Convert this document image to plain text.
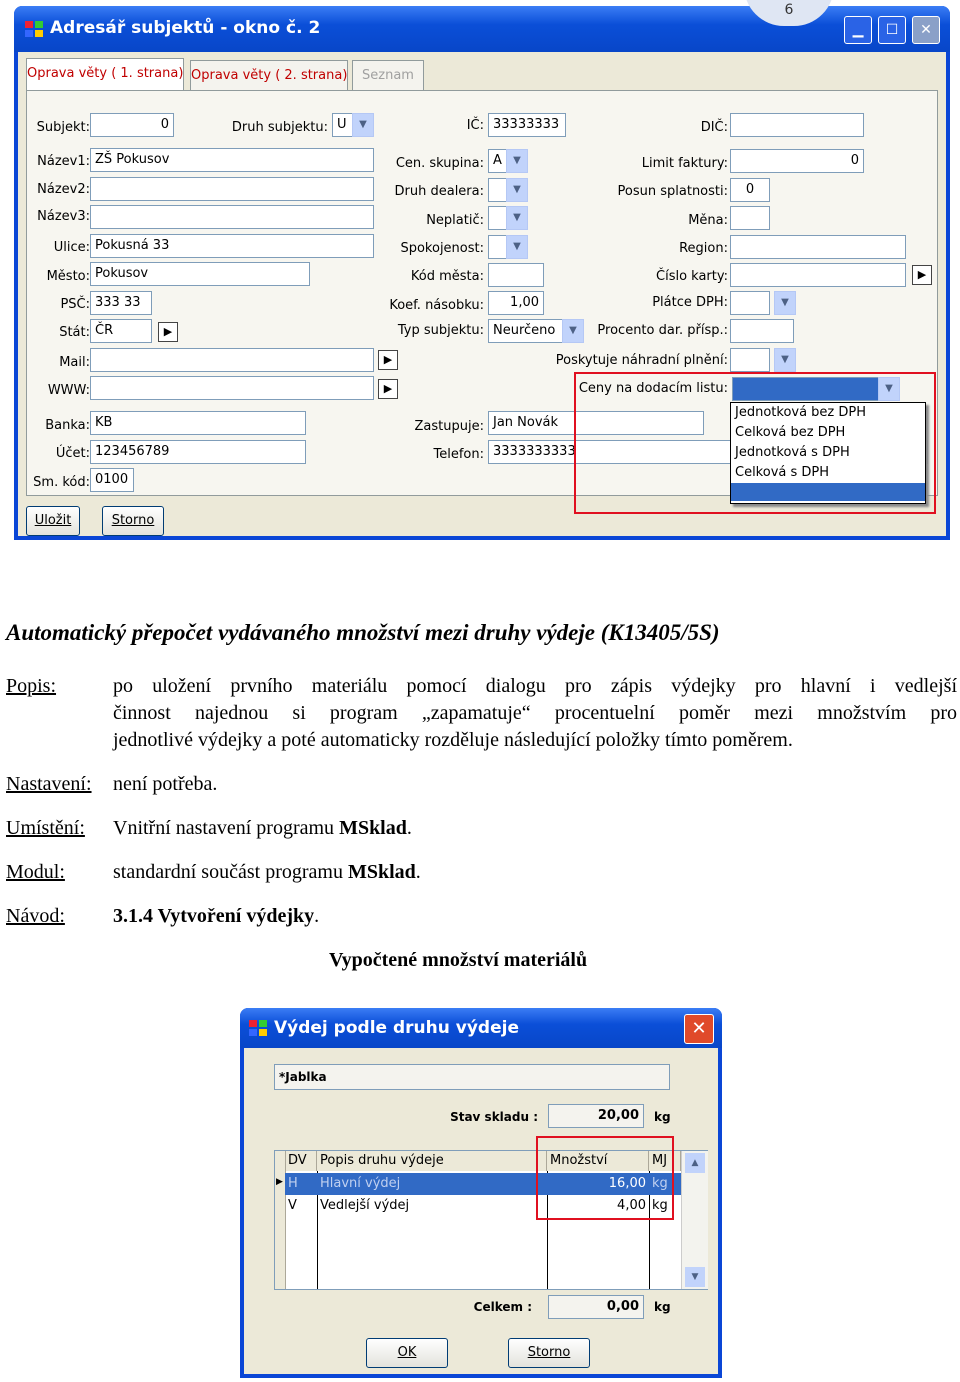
Adresář subjektů - okno č. 2
6
▁	☐	✕
Oprava věty ( 1. strana) Oprava věty ( 2. strana)	Seznam
Subjekt:	0
Název1: ZŠ Pokusov
Název2:
Název3:
Ulice: Pokusná 33
Město: Pokusov
PSČ: 333 33
Stát: ČR	▶
Mail:	▶
WWW:	▶
Banka: KB
Účet: 123456789
Sm. kód: 0100
Druh subjektu: U	▼	IČ: 33333333
Cen. skupina: A	▼
Druh dealera:	▼
Neplatič:	▼
Spokojenost:	▼
Kód města:
Koef. násobku:	1,00
Typ subjektu: Neurčeno	▼
Zastupuje: Jan Novák
Telefon: 3333333333
DIČ:
Limit faktury:	0
Posun splatnosti:	0
Měna:
Region:
Číslo karty:	▶
Plátce DPH:	▼
Procento dar. přísp.:
Poskytuje náhradní plnění:	▼
Ceny na dodacím listu:	▼
Jednotková bez DPH
Celková bez DPH
Jednotková s DPH
Celková s DPH
Uložit	Storno
Automatický přepočet vydávaného množství mezi druhy výdeje (K13405/5S)
Popis:	po uložení prvního materiálu pomocí dialogu pro zápis výdejky pro hlavní i vedlejší
činnost najednou si program „zapamatuje“ procentuelní poměr mezi množstvím pro
jednotlivé výdejky a poté automaticky rozděluje následující položky tímto poměrem.
Nastavení: není potřeba.
Umístění: Vnitřní nastavení programu MSklad.
Modul: standardní součást programu MSklad.
Návod: 3.1.4 Vytvoření výdejky.
Vypočtené množství materiálů
Výdej podle druhu výdeje	✕
*Jablka
Stav skladu :	20,00	kg
DV	Popis druhu výdeje	Množství	MJ
▶ H	Hlavní výdej	16,00 kg
V	Vedlejší výdej	4,00 kg
▲
▼
Celkem :	0,00	kg
OK	Storno
